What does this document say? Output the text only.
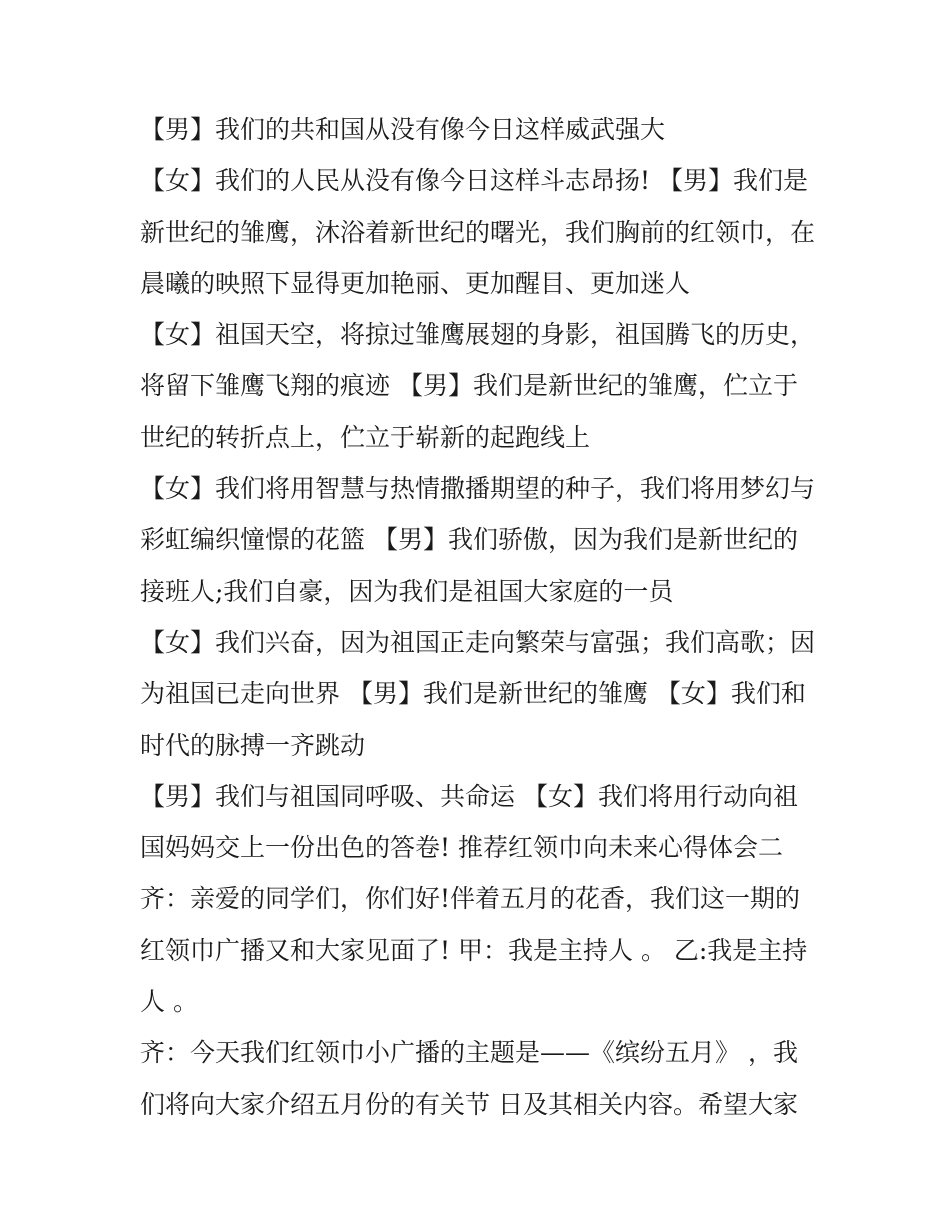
【男】我们的共和国从没有像今日这样威武强大
【女】我们的人民从没有像今日这样斗志昂扬! 【男】我们是
新世纪的雏鹰，沐浴着新世纪的曙光，我们胸前的红领巾，在
晨曦的映照下显得更加艳丽、更加醒目、更加迷人
【女】祖国天空，将掠过雏鹰展翅的身影，祖国腾飞的历史，
将留下雏鹰飞翔的痕迹 【男】我们是新世纪的雏鹰，伫立于
世纪的转折点上，伫立于崭新的起跑线上
【女】我们将用智慧与热情撒播期望的种子，我们将用梦幻与
彩虹编织憧憬的花篮 【男】我们骄傲，因为我们是新世纪的
接班人;我们自豪，因为我们是祖国大家庭的一员
【女】我们兴奋，因为祖国正走向繁荣与富强；我们高歌；因
为祖国已走向世界 【男】我们是新世纪的雏鹰 【女】我们和
时代的脉搏一齐跳动
【男】我们与祖国同呼吸、共命运 【女】我们将用行动向祖
国妈妈交上一份出色的答卷! 推荐红领巾向未来心得体会二
齐：亲爱的同学们，你们好!伴着五月的花香，我们这一期的
红领巾广播又和大家见面了! 甲：我是主持人 。 乙:我是主持
人 。
齐：今天我们红领巾小广播的主题是——《缤纷五月》 ，我
们将向大家介绍五月份的有关节 日及其相关内容。希望大家
